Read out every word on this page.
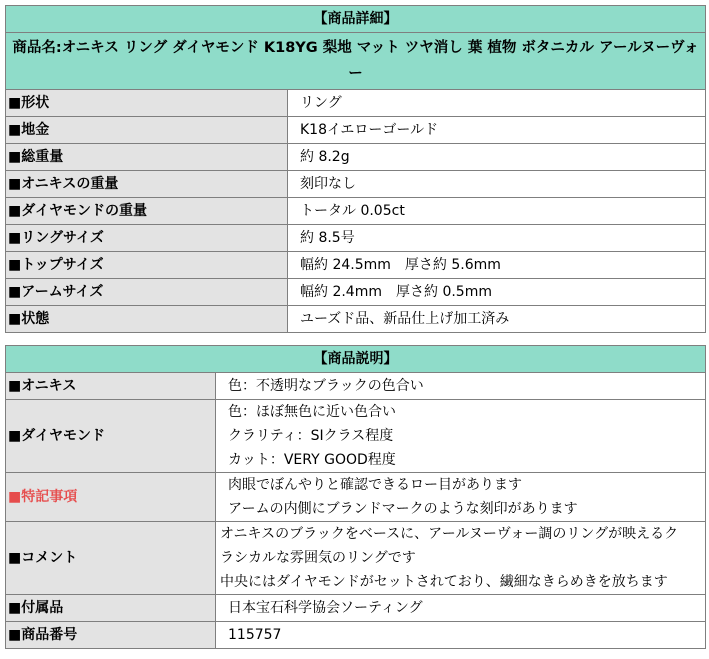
【商品詳細】	
商品名:オニキス リング ダイヤモンド K18YG 梨地 マット ツヤ消し 葉 植物 ボタニカル アールヌーヴォー	
■形状	リング
■地金	K18イエローゴールド
■総重量	約 8.2g
■オニキスの重量	刻印なし
■ダイヤモンドの重量	トータル 0.05ct
■リングサイズ	約 8.5号
■トップサイズ	幅約 24.5mm　厚さ約 5.6mm
■アームサイズ	幅約 2.4mm　厚さ約 0.5mm
■状態	ユーズド品、新品仕上げ加工済み
【商品説明】	
■オニキス	色：不透明なブラックの色合い

■ダイヤモンド	色：ほぼ無色に近い色合い
クラリティ：SIクラス程度
カット：VERY GOOD程度

■特記事項	肉眼でぼんやりと確認できるロー目があります
アームの内側にブランドマークのような刻印があります

■コメント	オニキスのブラックをベースに、アールヌーヴォー調のリングが映えるク
ラシカルな雰囲気のリングです
中央にはダイヤモンドがセットされており、繊細なきらめきを放ちます

■付属品	日本宝石科学協会ソーティング

■商品番号	115757
